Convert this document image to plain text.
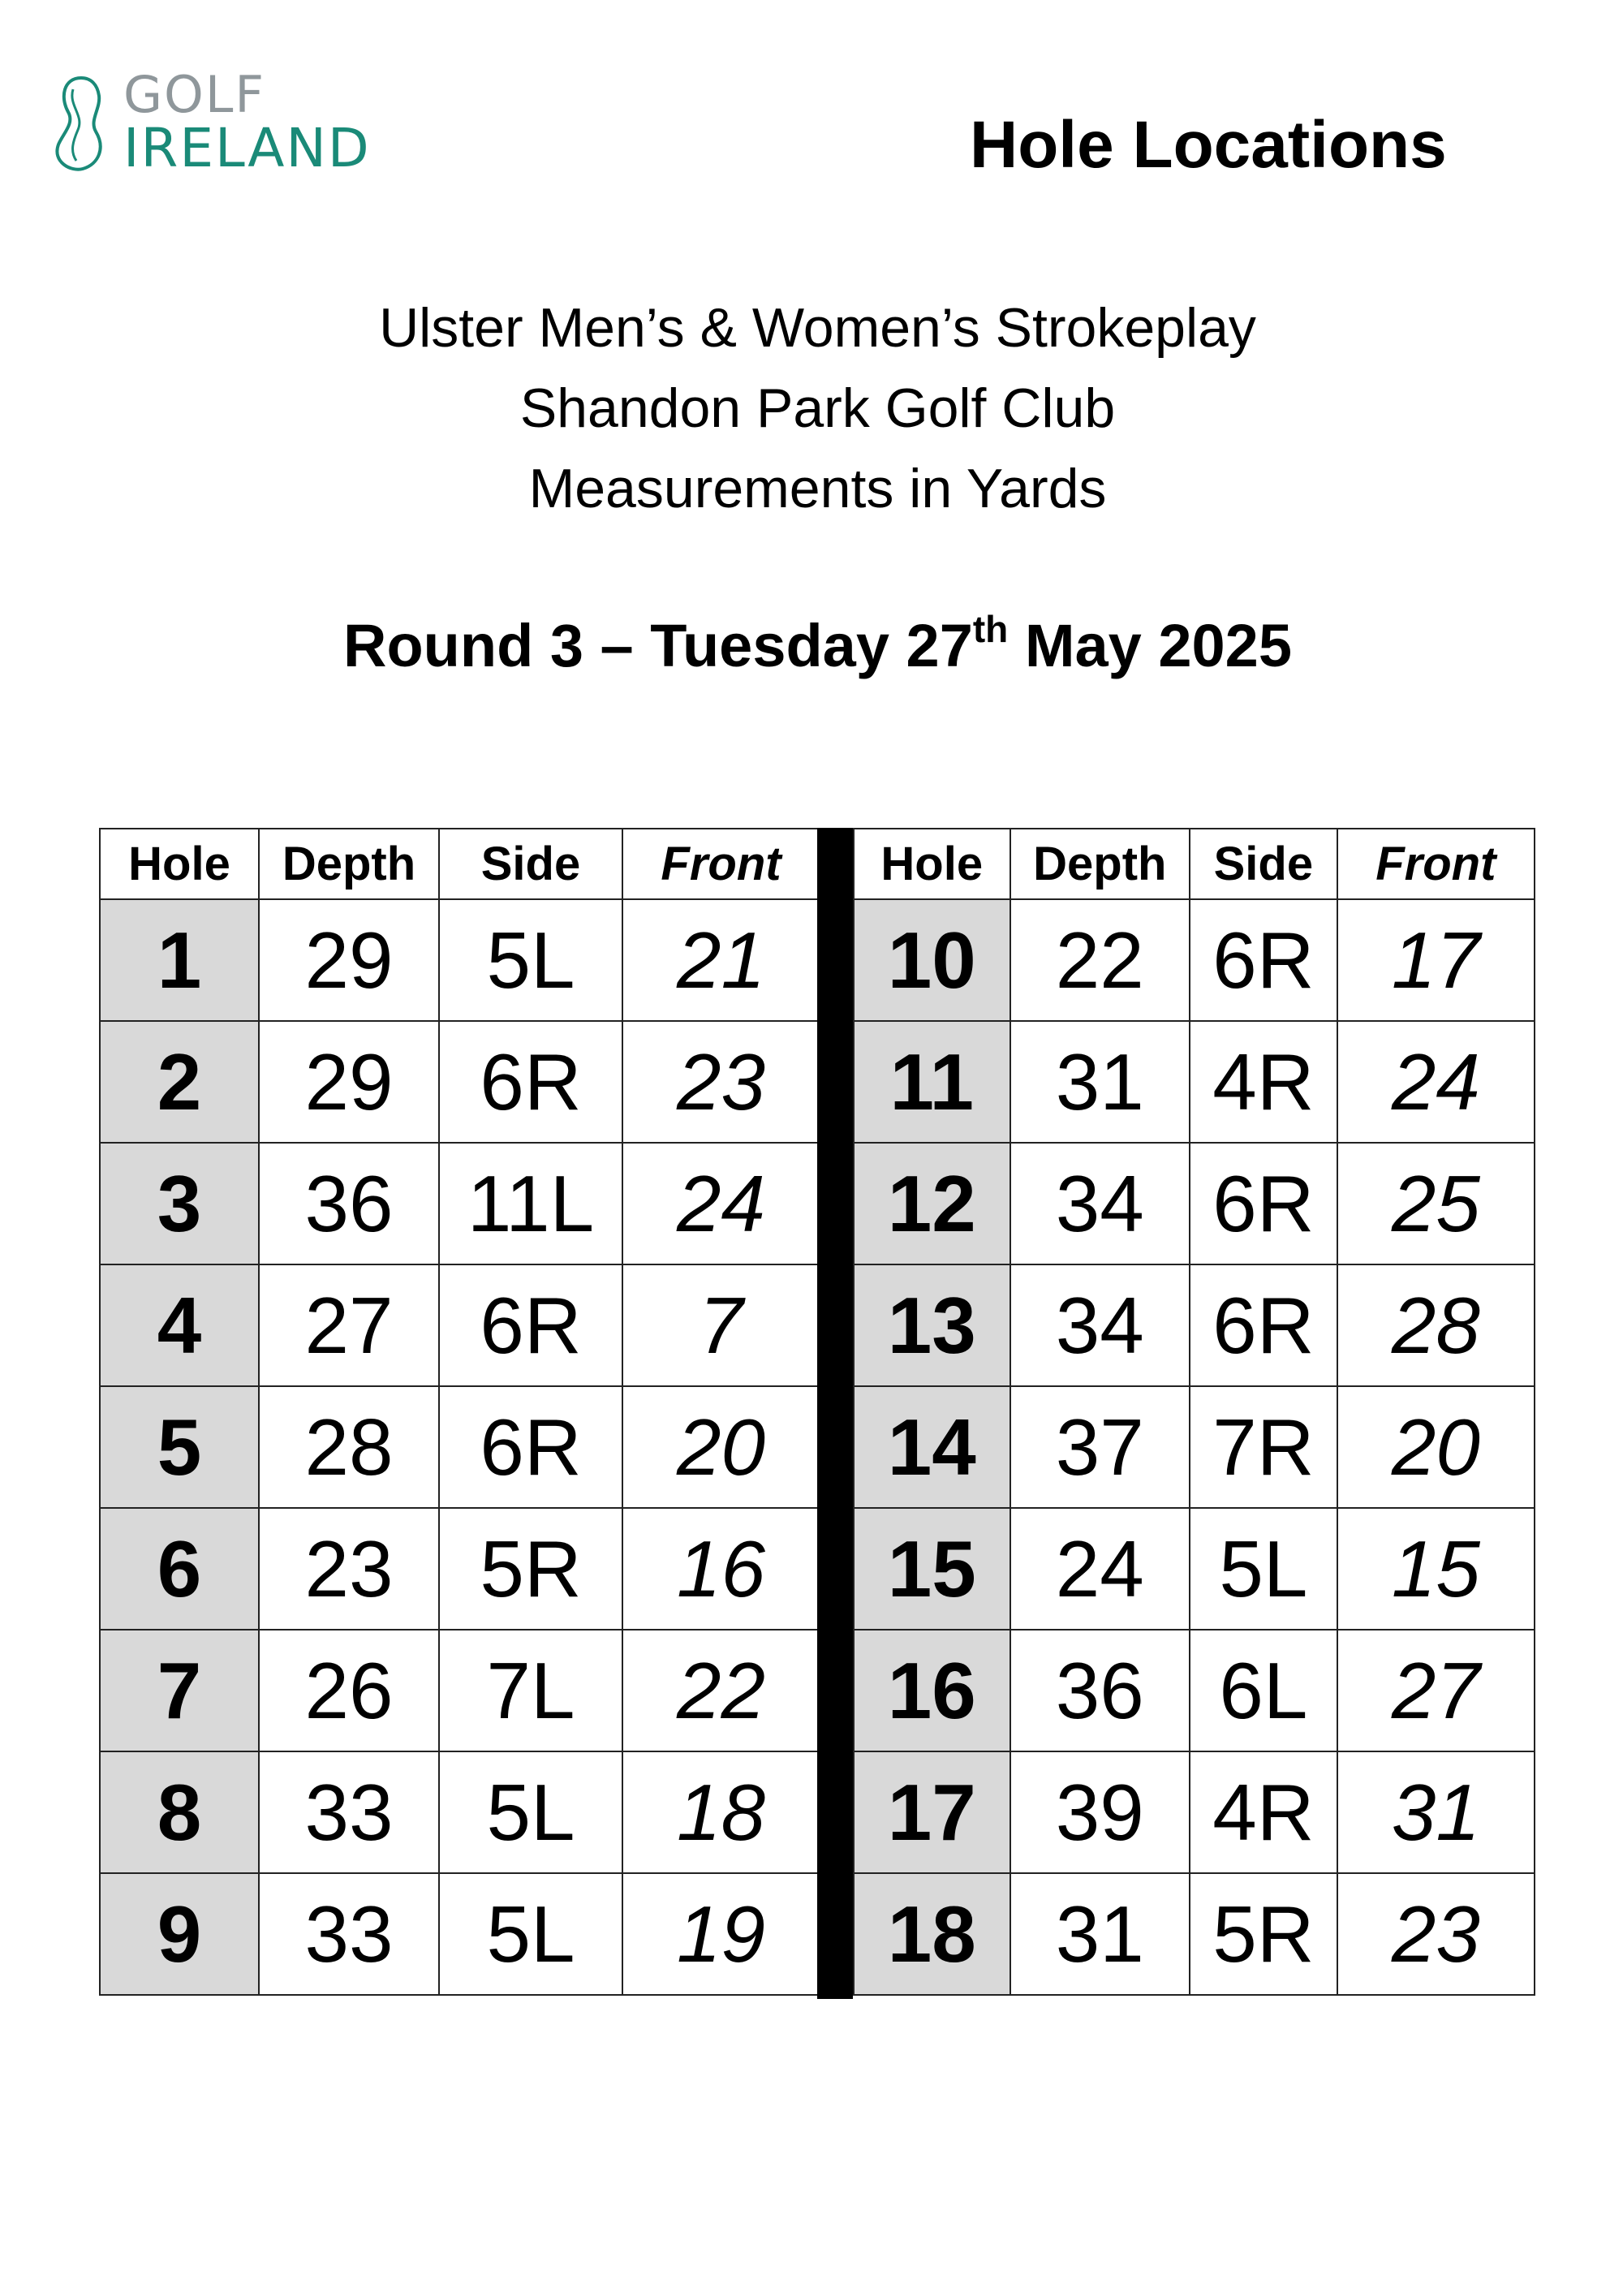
GOLF
IRELAND	Hole Locations
Ulster Men’s & Women’s Strokeplay
Shandon Park Golf Club
Measurements in Yards
Round 3 – Tuesday 27th May 2025
Hole	Depth	Side	Front
1	29	5L	21
2	29	6R	23
3	36	11L	24
4	27	6R	7
5	28	6R	20
6	23	5R	16
7	26	7L	22
8	33	5L	18
9	33	5L	19
Hole	Depth	Side	Front
10	22	6R	17
11	31	4R	24
12	34	6R	25
13	34	6R	28
14	37	7R	20
15	24	5L	15
16	36	6L	27
17	39	4R	31
18	31	5R	23
